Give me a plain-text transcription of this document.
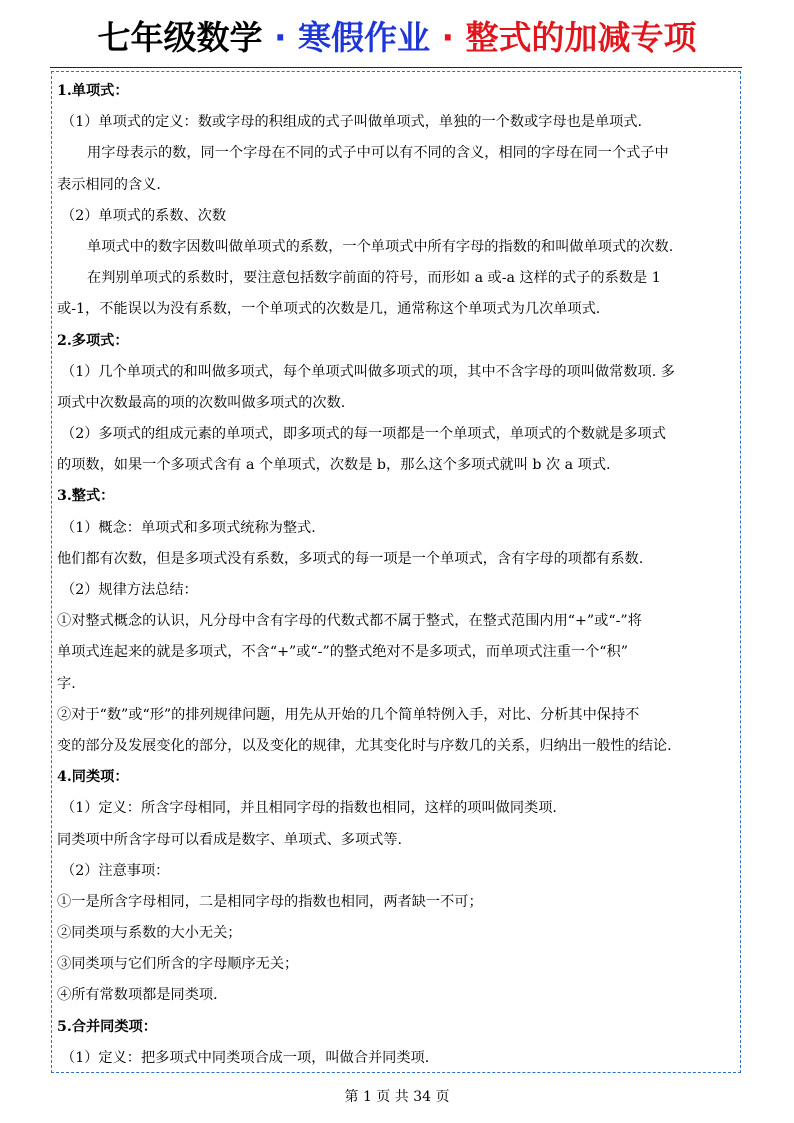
七年级数学 · 寒假作业 · 整式的加减专项
1.单项式：
（1）单项式的定义：数或字母的积组成的式子叫做单项式，单独的一个数或字母也是单项式.
用字母表示的数，同一个字母在不同的式子中可以有不同的含义，相同的字母在同一个式子中
表示相同的含义.
（2）单项式的系数、次数
单项式中的数字因数叫做单项式的系数，一个单项式中所有字母的指数的和叫做单项式的次数.
在判别单项式的系数时，要注意包括数字前面的符号，而形如 a 或-a 这样的式子的系数是 1
或-1，不能误以为没有系数，一个单项式的次数是几，通常称这个单项式为几次单项式.
2.多项式：
（1）几个单项式的和叫做多项式，每个单项式叫做多项式的项，其中不含字母的项叫做常数项. 多
项式中次数最高的项的次数叫做多项式的次数.
（2）多项式的组成元素的单项式，即多项式的每一项都是一个单项式，单项式的个数就是多项式
的项数，如果一个多项式含有 a 个单项式，次数是 b，那么这个多项式就叫 b 次 a 项式.
3.整式：
（1）概念：单项式和多项式统称为整式.
他们都有次数，但是多项式没有系数，多项式的每一项是一个单项式，含有字母的项都有系数.
（2）规律方法总结：
①对整式概念的认识，凡分母中含有字母的代数式都不属于整式，在整式范围内用“+”或“-”将
单项式连起来的就是多项式，不含“+”或“-”的整式绝对不是多项式，而单项式注重一个“积”
字.
②对于“数”或“形”的排列规律问题，用先从开始的几个简单特例入手，对比、分析其中保持不
变的部分及发展变化的部分，以及变化的规律，尤其变化时与序数几的关系，归纳出一般性的结论.
4.同类项：
（1）定义：所含字母相同，并且相同字母的指数也相同，这样的项叫做同类项.
同类项中所含字母可以看成是数字、单项式、多项式等.
（2）注意事项：
①一是所含字母相同，二是相同字母的指数也相同，两者缺一不可；
②同类项与系数的大小无关；
③同类项与它们所含的字母顺序无关；
④所有常数项都是同类项.
5.合并同类项：
（1）定义：把多项式中同类项合成一项，叫做合并同类项.
第 1 页 共 34 页
